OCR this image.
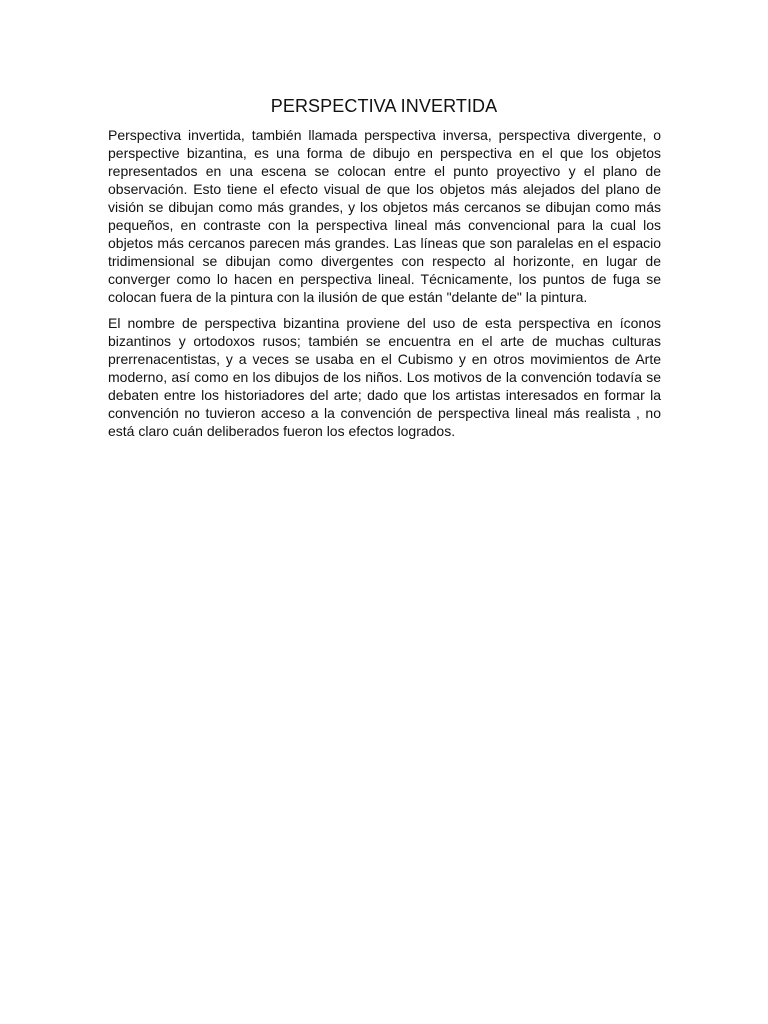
PERSPECTIVA INVERTIDA

Perspectiva invertida, también llamada perspectiva inversa, perspectiva divergente, o perspective bizantina, es una forma de dibujo en perspectiva en el que los objetos representados en una escena se colocan entre el punto proyectivo y el plano de observación. Esto tiene el efecto visual de que los objetos más alejados del plano de visión se dibujan como más grandes, y los objetos más cercanos se dibujan como más pequeños, en contraste con la perspectiva lineal más convencional para la cual los objetos más cercanos parecen más grandes. Las líneas que son paralelas en el espacio tridimensional se dibujan como divergentes con respecto al horizonte, en lugar de converger como lo hacen en perspectiva lineal. Técnicamente, los puntos de fuga se colocan fuera de la pintura con la ilusión de que están "delante de" la pintura.

El nombre de perspectiva bizantina proviene del uso de esta perspectiva en íconos bizantinos y ortodoxos rusos; también se encuentra en el arte de muchas culturas prerrenacentistas, y a veces se usaba en el Cubismo y en otros movimientos de Arte moderno, así como en los dibujos de los niños. Los motivos de la convención todavía se debaten entre los historiadores del arte; dado que los artistas interesados en formar la convención no tuvieron acceso a la convención de perspectiva lineal más realista , no está claro cuán deliberados fueron los efectos logrados.
